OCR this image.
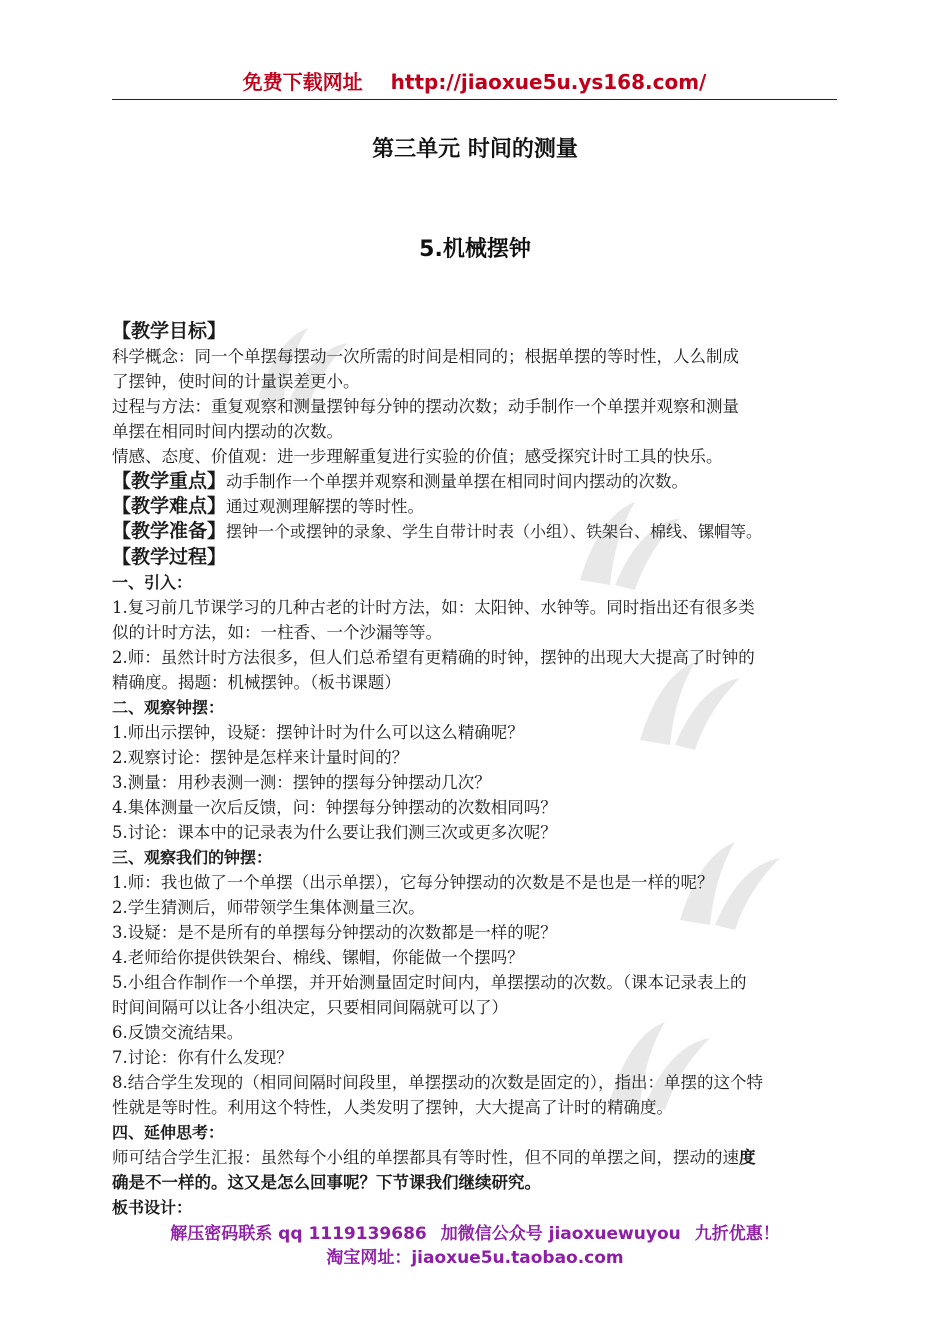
免费下载网址 http://jiaoxue5u.ys168.com/
第三单元 时间的测量
5.机械摆钟
【教学目标】
科学概念：同一个单摆每摆动一次所需的时间是相同的；根据单摆的等时性，人么制成
了摆钟，使时间的计量误差更小。
过程与方法：重复观察和测量摆钟每分钟的摆动次数；动手制作一个单摆并观察和测量
单摆在相同时间内摆动的次数。
情感、态度、价值观：进一步理解重复进行实验的价值；感受探究计时工具的快乐。
【教学重点】动手制作一个单摆并观察和测量单摆在相同时间内摆动的次数。
【教学难点】通过观测理解摆的等时性。
【教学准备】摆钟一个或摆钟的录象、学生自带计时表（小组）、铁架台、棉线、镙帽等。
【教学过程】
一、引入：
1.复习前几节课学习的几种古老的计时方法，如：太阳钟、水钟等。同时指出还有很多类
似的计时方法，如：一柱香、一个沙漏等等。
2.师：虽然计时方法很多，但人们总希望有更精确的时钟，摆钟的出现大大提高了时钟的
精确度。揭题：机械摆钟。（板书课题）
二、观察钟摆：
1.师出示摆钟，设疑：摆钟计时为什么可以这么精确呢？
2.观察讨论：摆钟是怎样来计量时间的？
3.测量：用秒表测一测：摆钟的摆每分钟摆动几次？
4.集体测量一次后反馈，问：钟摆每分钟摆动的次数相同吗？
5.讨论：课本中的记录表为什么要让我们测三次或更多次呢？
三、观察我们的钟摆：
1.师：我也做了一个单摆（出示单摆），它每分钟摆动的次数是不是也是一样的呢？
2.学生猜测后，师带领学生集体测量三次。
3.设疑：是不是所有的单摆每分钟摆动的次数都是一样的呢？
4.老师给你提供铁架台、棉线、镙帽，你能做一个摆吗？
5.小组合作制作一个单摆，并开始测量固定时间内，单摆摆动的次数。（课本记录表上的
时间间隔可以让各小组决定，只要相同间隔就可以了）
6.反馈交流结果。
7.讨论：你有什么发现？
8.结合学生发现的（相同间隔时间段里，单摆摆动的次数是固定的），指出：单摆的这个特
性就是等时性。利用这个特性，人类发明了摆钟，大大提高了计时的精确度。
四、延伸思考：
师可结合学生汇报：虽然每个小组的单摆都具有等时性，但不同的单摆之间，摆动的速度
确是不一样的。这又是怎么回事呢？下节课我们继续研究。
板书设计：
解压密码联系 qq 1119139686 加微信公众号 jiaoxuewuyou 九折优惠！
淘宝网址：jiaoxue5u.taobao.com
